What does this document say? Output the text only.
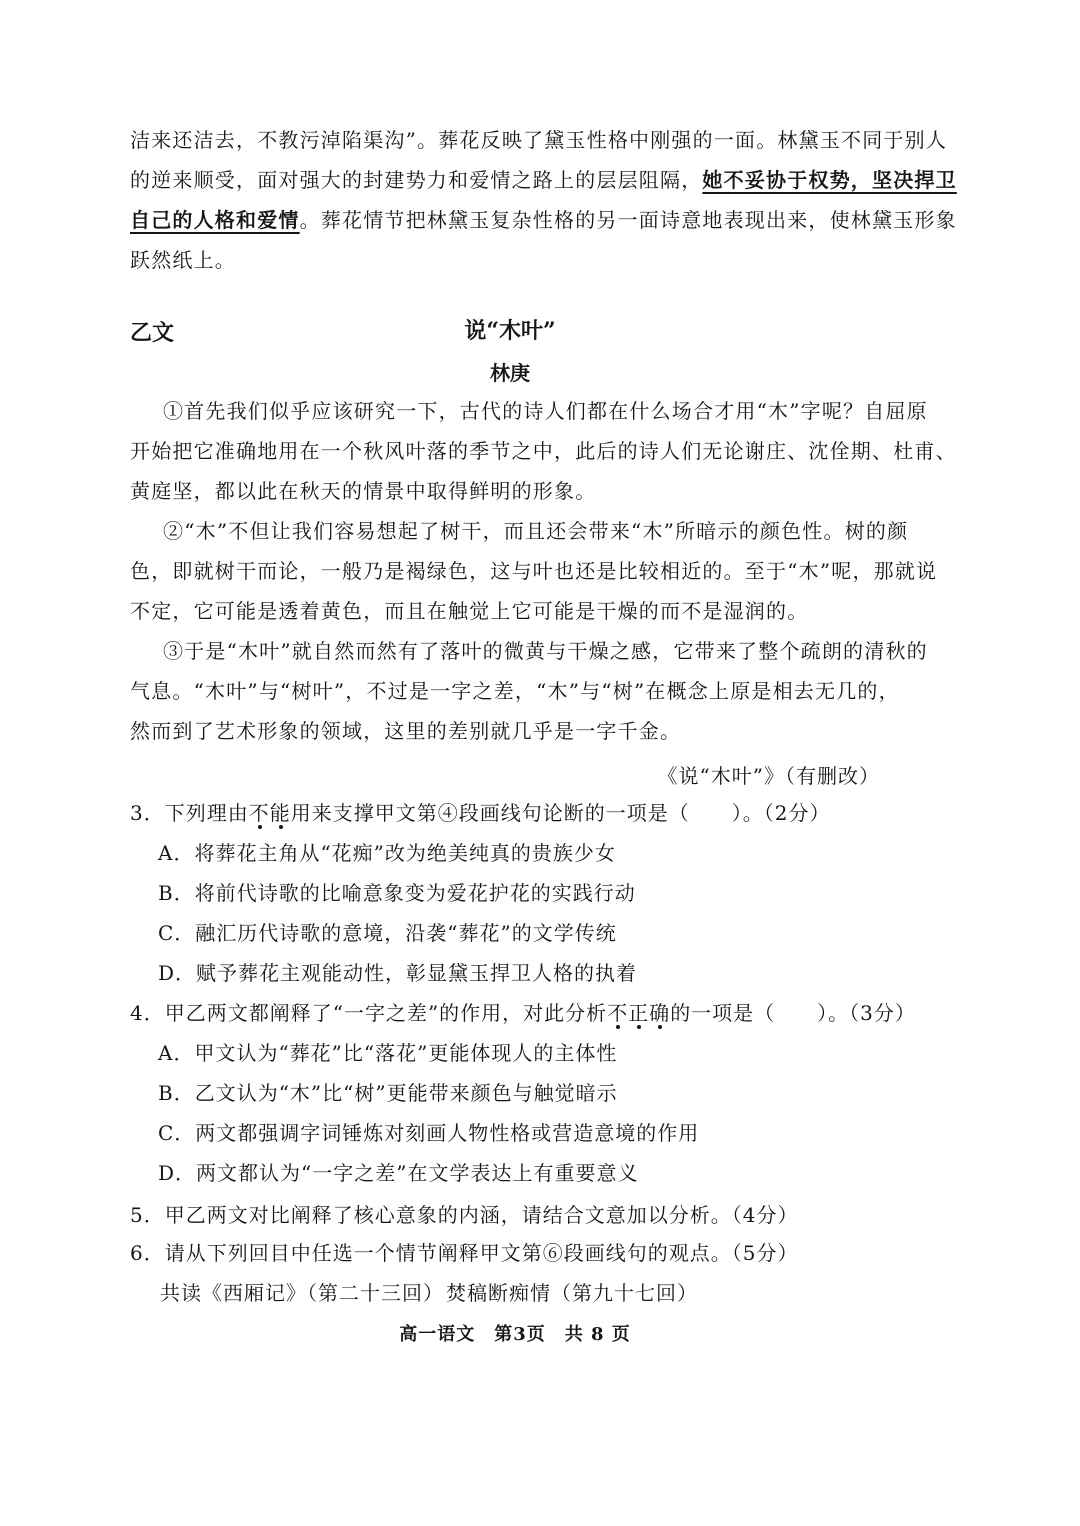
洁来还洁去，不教污淖陷渠沟”。葬花反映了黛玉性格中刚强的一面。林黛玉不同于别人
的逆来顺受，面对强大的封建势力和爱情之路上的层层阻隔，她不妥协于权势，坚决捍卫
自己的人格和爱情。葬花情节把林黛玉复杂性格的另一面诗意地表现出来，使林黛玉形象
跃然纸上。
乙文	说“木叶”
林庚
①首先我们似乎应该研究一下，古代的诗人们都在什么场合才用“木”字呢？自屈原
开始把它准确地用在一个秋风叶落的季节之中，此后的诗人们无论谢庄、沈佺期、杜甫、
黄庭坚，都以此在秋天的情景中取得鲜明的形象。
②“木”不但让我们容易想起了树干，而且还会带来“木”所暗示的颜色性。树的颜
色，即就树干而论，一般乃是褐绿色，这与叶也还是比较相近的。至于“木”呢，那就说
不定，它可能是透着黄色，而且在触觉上它可能是干燥的而不是湿润的。
③于是“木叶”就自然而然有了落叶的微黄与干燥之感，它带来了整个疏朗的清秋的
气息。“木叶”与“树叶”，不过是一字之差，“木”与“树”在概念上原是相去无几的，
然而到了艺术形象的领域，这里的差别就几乎是一字千金。
《说“木叶”》（有删改）
3．下列理由不能
用来支撑甲文第④段画线句论断的一项是（　　）。（2分）
A．将葬花主角从“花痴”改为绝美纯真的贵族少女
B．将前代诗歌的比喻意象变为爱花护花的实践行动
C．融汇历代诗歌的意境，沿袭“葬花”的文学传统
D．赋予葬花主观能动性，彰显黛玉捍卫人格的执着
4．甲乙两文都阐释了“一字之差”的作用，对此分析不正确
的一项是（　　）。（3分）
A．甲文认为“葬花”比“落花”更能体现人的主体性
B．乙文认为“木”比“树”更能带来颜色与触觉暗示
C．两文都强调字词锤炼对刻画人物性格或营造意境的作用
D．两文都认为“一字之差”在文学表达上有重要意义
5．甲乙两文对比阐释了核心意象的内涵，请结合文意加以分析。（4分）
6．请从下列回目中任选一个情节阐释甲文第⑥段画线句的观点。（5分）
共读《西厢记》（第二十三回） 焚稿断痴情（第九十七回）
高一语文　第3页　共 8 页
